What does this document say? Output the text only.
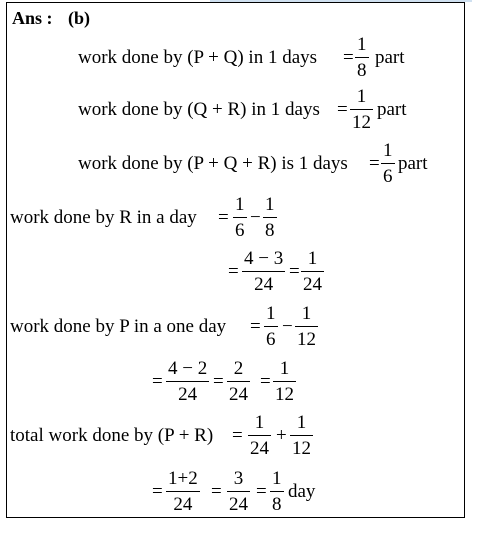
Ans : (b)
work done by (P + Q) in 1 days =
1
8
part
work done by (Q + R) in 1 days =
1
12
part
work done by (P + Q + R) is 1 days =
1
6
part
work done by R in a day =
1
6
−
1
8
=
4 − 3
24
=
1
24
work done by P in a one day =
1
6
−
1
12
=
4 − 2
24
=
2
24
=
1
12
total work done by (P + R) =
1
24
+
1
12
=
1+2
24
=
3
24
=
1
8
day
